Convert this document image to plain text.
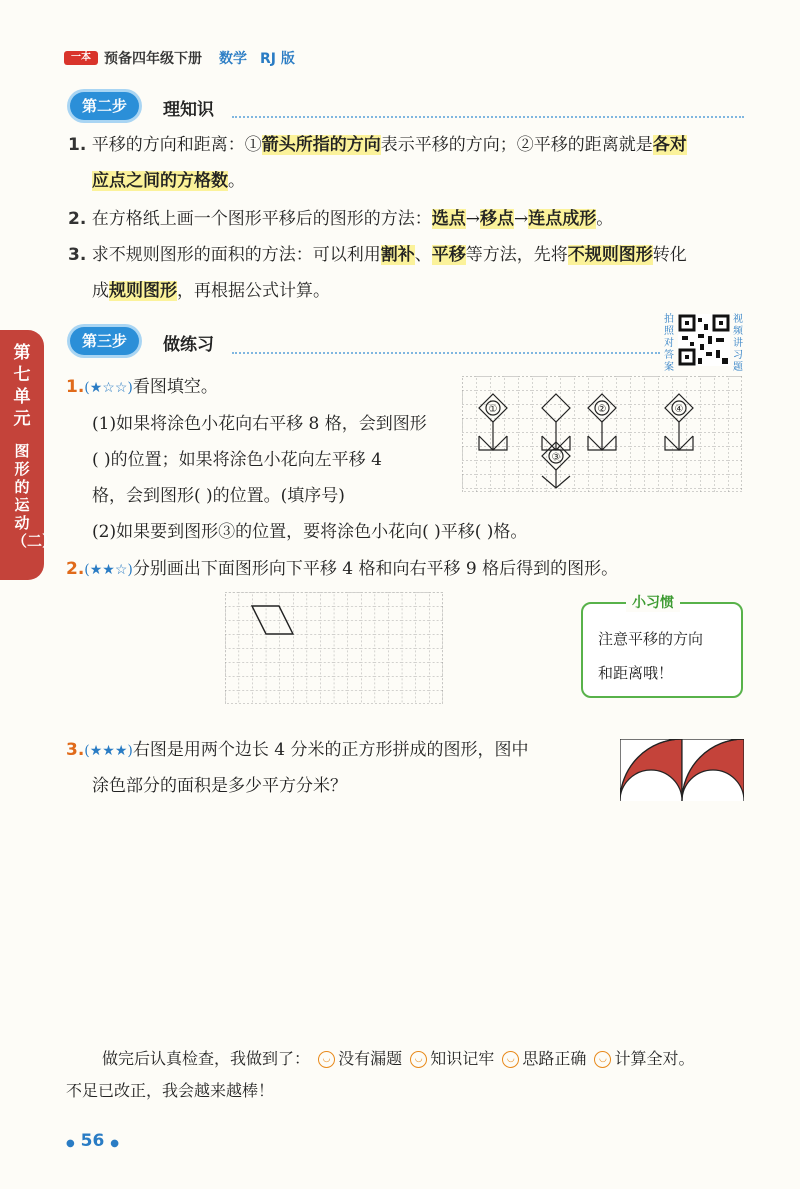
一本 预备四年级下册 数学 RJ 版
第七单元
图形的运动（二）
第二步	理知识
1. 平移的方向和距离：①箭头所指的方向表示平移的方向；②平移的距离就是各对
应点之间的方格数。
2. 在方格纸上画一个图形平移后的图形的方法：选点→移点→连点成形。
3. 求不规则图形的面积的方法：可以利用割补、平移等方法，先将不规则图形转化
成规则图形，再根据公式计算。
拍照对答案
视频讲习题
第三步	做练习
1.(★☆☆)看图填空。
(1)如果将涂色小花向右平移 8 格，会到图形
( )的位置；如果将涂色小花向左平移 4
格，会到图形( )的位置。(填序号)
(2)如果要到图形③的位置，要将涂色小花向( )平移( )格。
①	②
③
④
2.(★★☆)分别画出下面图形向下平移 4 格和向右平移 9 格后得到的图形。
小习惯
注意平移的方向
和距离哦！
3.(★★★)右图是用两个边长 4 分米的正方形拼成的图形，图中
涂色部分的面积是多少平方分米？
做完后认真检查，我做到了： ◡ 没有漏题 ◡ 知识记牢 ◡ 思路正确 ◡ 计算全对。
不足已改正，我会越来越棒！
● 56 ●
